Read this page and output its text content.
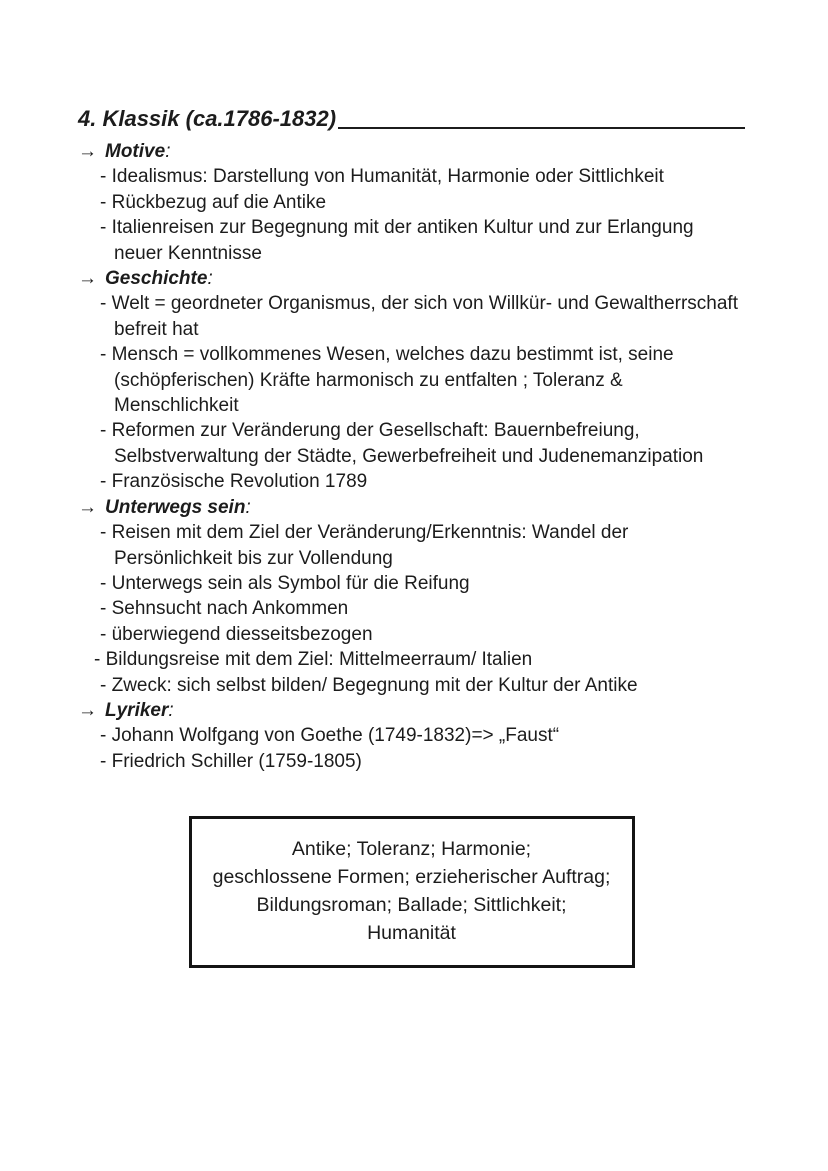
4. Klassik (ca.1786-1832)
→ Motive:
- Idealismus: Darstellung von Humanität, Harmonie oder Sittlichkeit
- Rückbezug auf die Antike
- Italienreisen zur Begegnung mit der antiken Kultur und zur Erlangung neuer Kenntnisse
→ Geschichte:
- Welt = geordneter Organismus, der sich von Willkür- und Gewaltherrschaft befreit hat
- Mensch = vollkommenes Wesen, welches dazu bestimmt ist, seine (schöpferischen) Kräfte harmonisch zu entfalten ; Toleranz & Menschlichkeit
- Reformen zur Veränderung der Gesellschaft: Bauernbefreiung, Selbstverwaltung der Städte, Gewerbefreiheit und Judenemanzipation
- Französische Revolution 1789
→ Unterwegs sein:
- Reisen mit dem Ziel der Veränderung/Erkenntnis: Wandel der Persönlichkeit bis zur Vollendung
- Unterwegs sein als Symbol für die Reifung
- Sehnsucht nach Ankommen
- überwiegend diesseitsbezogen
- Bildungsreise mit dem Ziel: Mittelmeerraum/ Italien
- Zweck: sich selbst bilden/ Begegnung mit der Kultur der Antike
→ Lyriker:
- Johann Wolfgang von Goethe (1749-1832)=> „Faust“
- Friedrich Schiller (1759-1805)
Antike; Toleranz; Harmonie;
geschlossene Formen; erzieherischer Auftrag;
Bildungsroman; Ballade; Sittlichkeit;
Humanität
